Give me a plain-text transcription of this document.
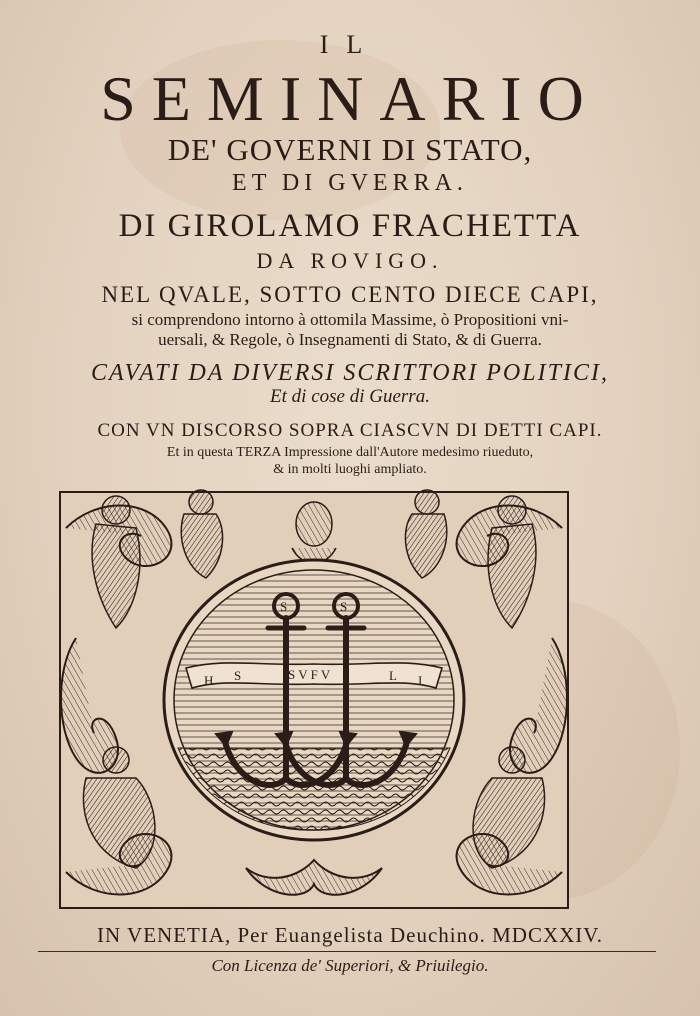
IL
SEMINARIO
DE' GOVERNI DI STATO,
ET DI GVERRA.
DI GIROLAMO FRACHETTA
DA ROVIGO.
NEL QVALE, SOTTO CENTO DIECE CAPI,
si comprendono intorno à ottomila Massime, ò Propositioni vni-
uersali, & Regole, ò Insegnamenti di Stato, & di Guerra.
CAVATI DA DIVERSI SCRITTORI POLITICI,
Et di cose di Guerra.
CON VN DISCORSO SOPRA CIASCVN DI DETTI CAPI.
Et in questa TERZA Impressione dall'Autore medesimo riueduto,
& in molti luoghi ampliato.
H S	SVFV	L I
S	S
IN VENETIA, Per Euangelista Deuchino. MDCXXIV.
Con Licenza de' Superiori, & Priuilegio.
